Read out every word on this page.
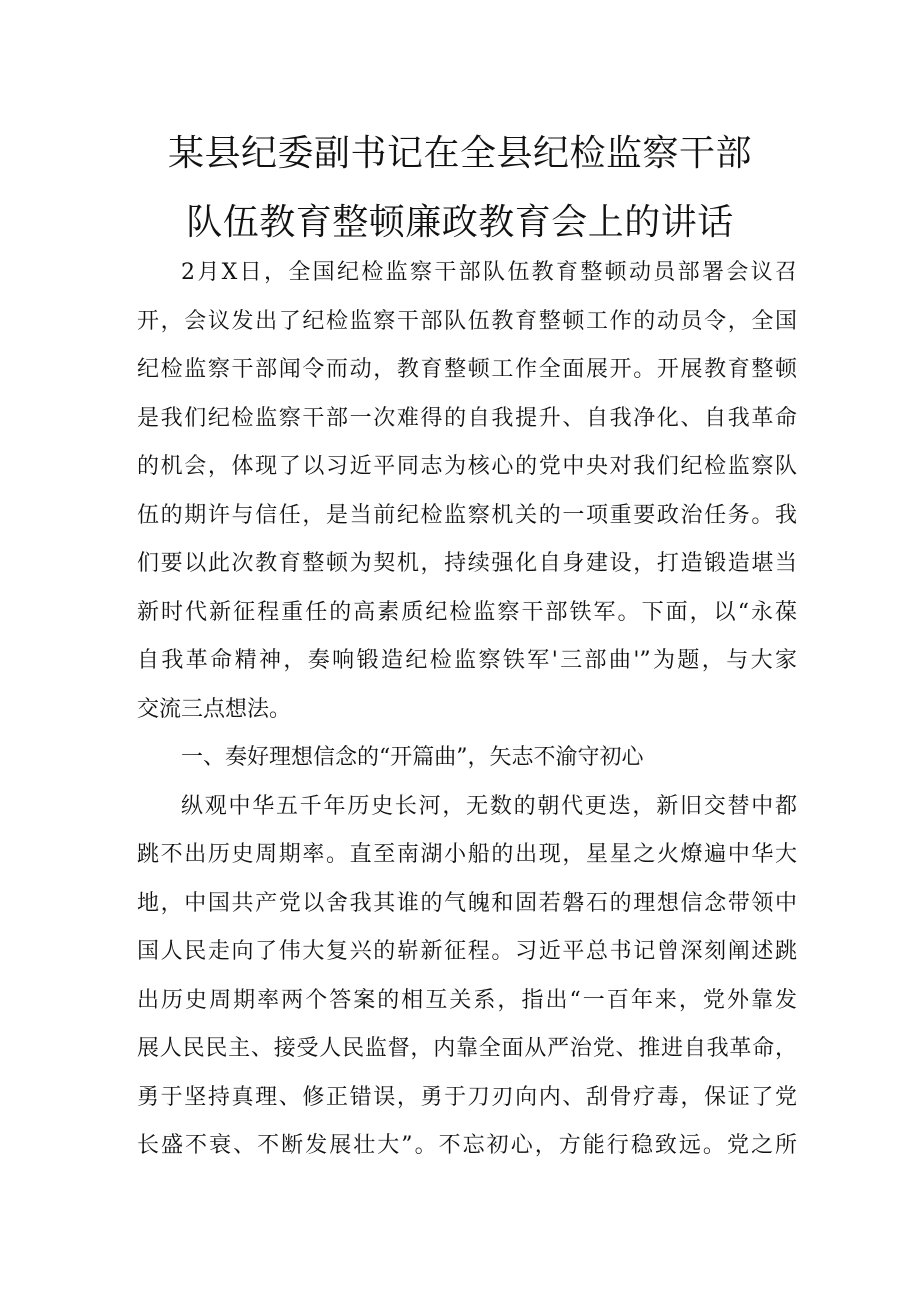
某县纪委副书记在全县纪检监察干部
队伍教育整顿廉政教育会上的讲话
2月X日，全国纪检监察干部队伍教育整顿动员部署会议召
开，会议发出了纪检监察干部队伍教育整顿工作的动员令，全国
纪检监察干部闻令而动，教育整顿工作全面展开。开展教育整顿
是我们纪检监察干部一次难得的自我提升、自我净化、自我革命
的机会，体现了以习近平同志为核心的党中央对我们纪检监察队
伍的期许与信任，是当前纪检监察机关的一项重要政治任务。我
们要以此次教育整顿为契机，持续强化自身建设，打造锻造堪当
新时代新征程重任的高素质纪检监察干部铁军。下面，以“永葆
自我革命精神，奏响锻造纪检监察铁军'三部曲'”为题，与大家
交流三点想法。
一、奏好理想信念的“开篇曲”，矢志不渝守初心
纵观中华五千年历史长河，无数的朝代更迭，新旧交替中都
跳不出历史周期率。直至南湖小船的出现，星星之火燎遍中华大
地，中国共产党以舍我其谁的气魄和固若磐石的理想信念带领中
国人民走向了伟大复兴的崭新征程。习近平总书记曾深刻阐述跳
出历史周期率两个答案的相互关系，指出“一百年来，党外靠发
展人民民主、接受人民监督，内靠全面从严治党、推进自我革命，
勇于坚持真理、修正错误，勇于刀刃向内、刮骨疗毒，保证了党
长盛不衰、不断发展壮大”。不忘初心，方能行稳致远。党之所
